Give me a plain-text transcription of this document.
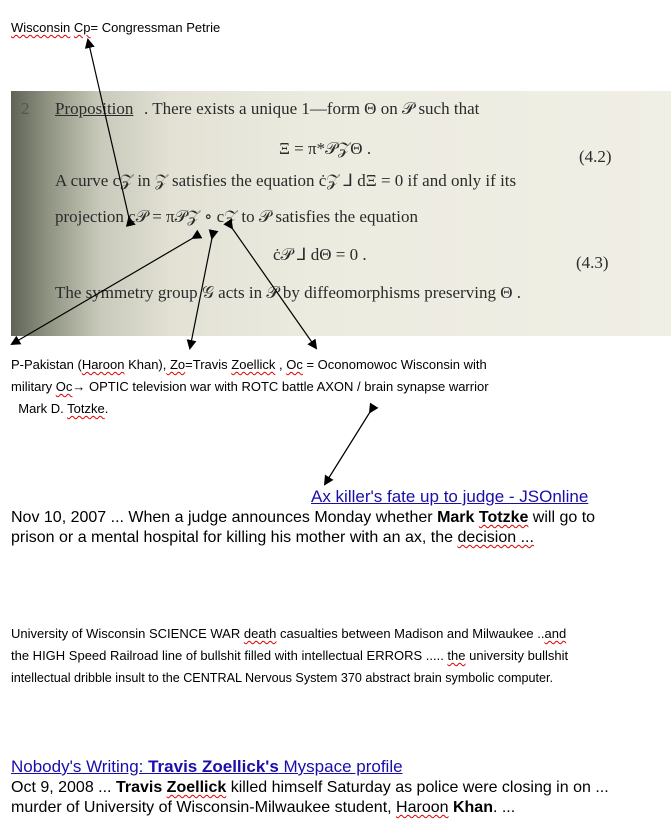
Wisconsin Cp= Congressman Petrie
2 Proposition . There exists a unique 1—form Θ on 𝒫 such that
Ξ = π*𝒫𝒵Θ .	(4.2)
A curve c𝒵 in 𝒵 satisfies the equation ċ𝒵 ⅃ dΞ = 0 if and only if its
projection c𝒫 = π𝒫𝒵 ∘ c𝒵 to 𝒫 satisfies the equation
ċ𝒫 ⅃ dΘ = 0 .	(4.3)
The symmetry group 𝒢 acts in 𝒫 by diffeomorphisms preserving Θ .
P-Pakistan (Haroon Khan), Zo=Travis Zoellick , Oc = Oconomowoc Wisconsin with
military Oc→ OPTIC television war with ROTC battle AXON / brain synapse warrior
Mark D. Totzke.
Ax killer's fate up to judge - JSOnline
Nov 10, 2007 ... When a judge announces Monday whether Mark Totzke will go to
prison or a mental hospital for killing his mother with an ax, the decision ...
University of Wisconsin SCIENCE WAR death casualties between Madison and Milwaukee ..and
the HIGH Speed Railroad line of bullshit filled with intellectual ERRORS ..... the university bullshit
intellectual dribble insult to the CENTRAL Nervous System 370 abstract brain symbolic computer.
Nobody's Writing: Travis Zoellick's Myspace profile
Oct 9, 2008 ... Travis Zoellick killed himself Saturday as police were closing in on ...
murder of University of Wisconsin-Milwaukee student, Haroon Khan. ...
